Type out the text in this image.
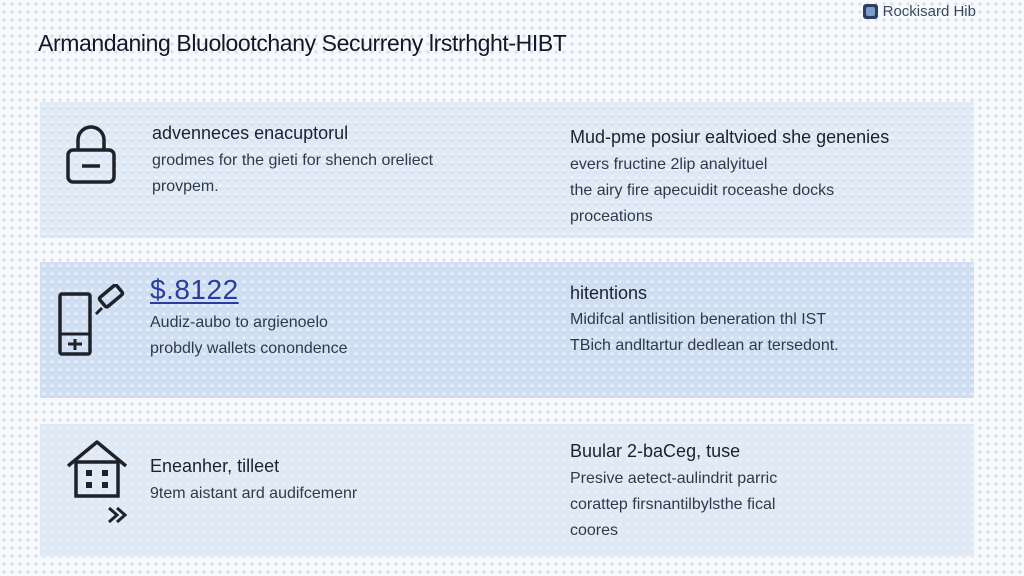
Rockisard Hib
Armandaning Bluolootchany Securreny lrstrhght-HIBT

advenneces enacuptorul

grodmes for the gieti for shench oreliect

provpem.

Mud-pme posiur ealtvioed she genenies

evers fructine 2lip analyituel

the airy fire apecuidit roceashe docks

proceations

$.8122

Audiz-aubo to argienoelo

probdly wallets conondence

hitentions

Midifcal antlisition beneration thl IST

TBich andltartur dedlean ar tersedont.

Eneanher, tilleet

9tem aistant ard audifcemenr

Buular 2-baCeg, tuse

Presive aetect-aulindrit parric

corattep firsnantilbylsthe fical

coores
